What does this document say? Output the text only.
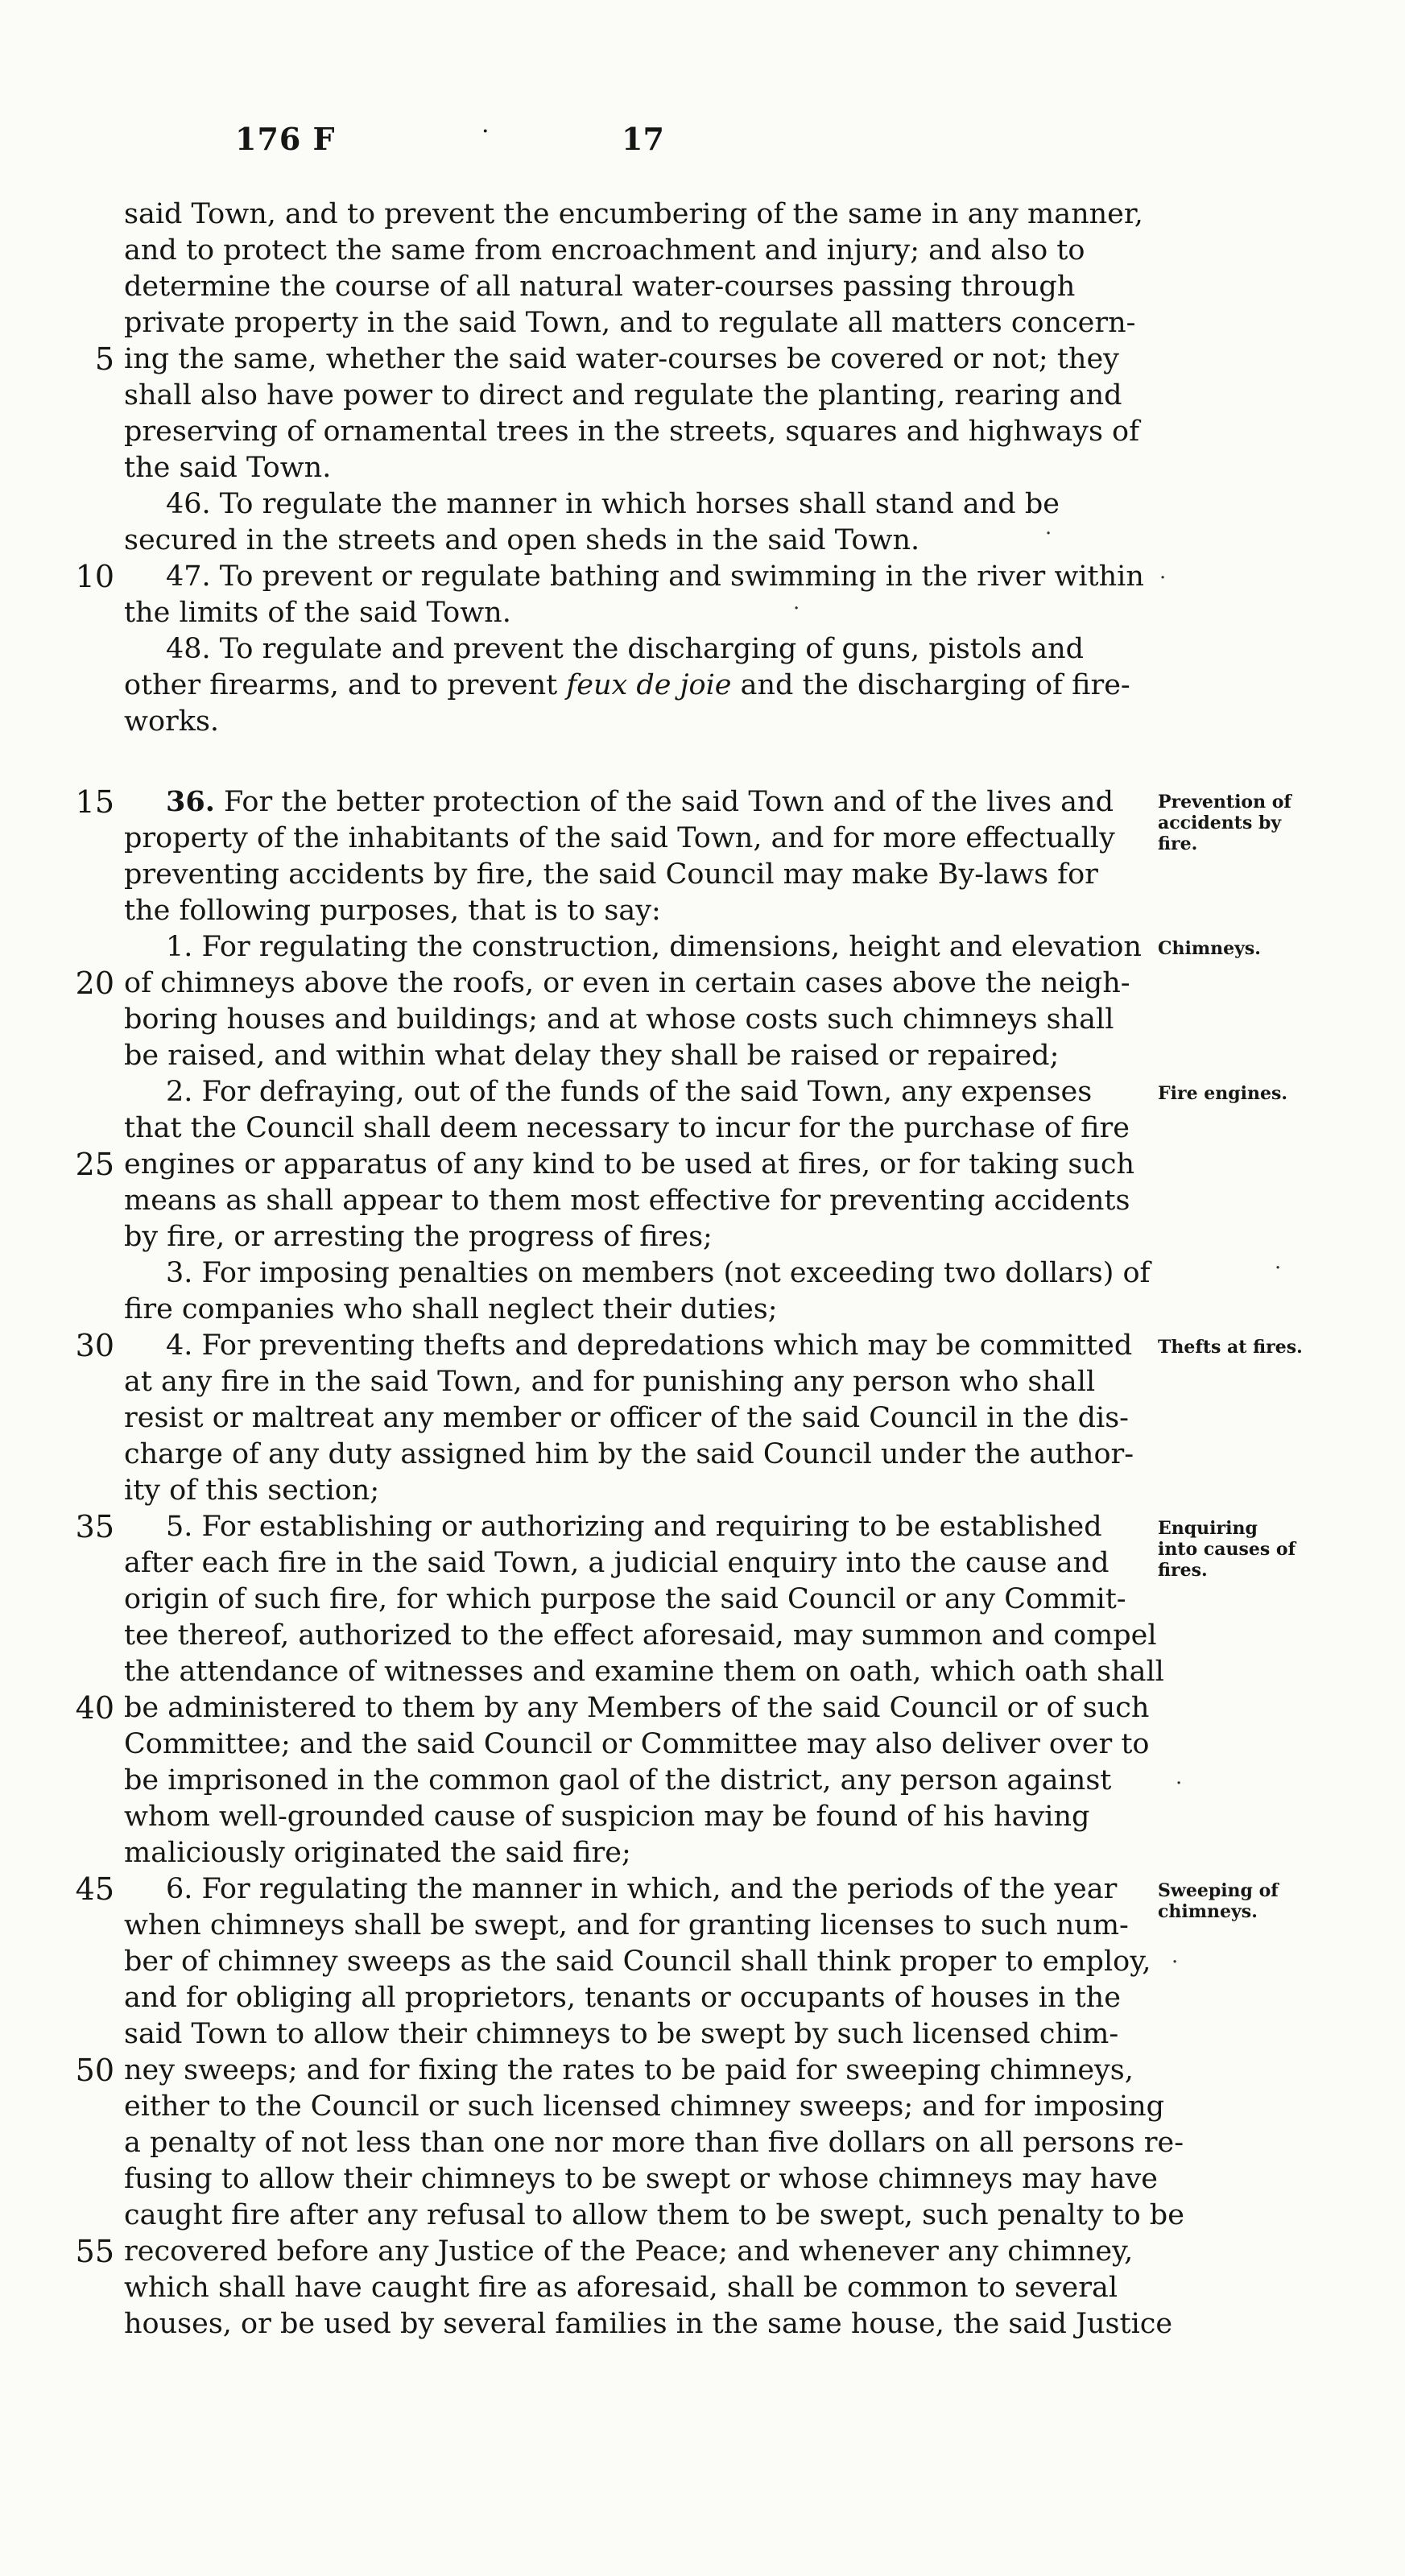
176 F	·	17
said Town, and to prevent the encumbering of the same in any manner,
and to protect the same from encroachment and injury; and also to
determine the course of all natural water-courses passing through
private property in the said Town, and to regulate all matters concern-
5 ing the same, whether the said water-courses be covered or not; they
shall also have power to direct and regulate the planting, rearing and
preserving of ornamental trees in the streets, squares and highways of
the said Town.
46. To regulate the manner in which horses shall stand and be
secured in the streets and open sheds in the said Town.
10 47. To prevent or regulate bathing and swimming in the river within
the limits of the said Town.
48. To regulate and prevent the discharging of guns, pistols and
other firearms, and to prevent feux de joie and the discharging of fire-
works.
15 36. For the better protection of the said Town and of the lives and
property of the inhabitants of the said Town, and for more effectually
preventing accidents by fire, the said Council may make By-laws for
the following purposes, that is to say:
1. For regulating the construction, dimensions, height and elevation
20 of chimneys above the roofs, or even in certain cases above the neigh-
boring houses and buildings; and at whose costs such chimneys shall
be raised, and within what delay they shall be raised or repaired;
2. For defraying, out of the funds of the said Town, any expenses
that the Council shall deem necessary to incur for the purchase of fire
25 engines or apparatus of any kind to be used at fires, or for taking such
means as shall appear to them most effective for preventing accidents
by fire, or arresting the progress of fires;
3. For imposing penalties on members (not exceeding two dollars) of
fire companies who shall neglect their duties;
30 4. For preventing thefts and depredations which may be committed
at any fire in the said Town, and for punishing any person who shall
resist or maltreat any member or officer of the said Council in the dis-
charge of any duty assigned him by the said Council under the author-
ity of this section;
35 5. For establishing or authorizing and requiring to be established
after each fire in the said Town, a judicial enquiry into the cause and
origin of such fire, for which purpose the said Council or any Commit-
tee thereof, authorized to the effect aforesaid, may summon and compel
the attendance of witnesses and examine them on oath, which oath shall
40 be administered to them by any Members of the said Council or of such
Committee; and the said Council or Committee may also deliver over to
be imprisoned in the common gaol of the district, any person against
whom well-grounded cause of suspicion may be found of his having
maliciously originated the said fire;
45 6. For regulating the manner in which, and the periods of the year
when chimneys shall be swept, and for granting licenses to such num-
ber of chimney sweeps as the said Council shall think proper to employ,
and for obliging all proprietors, tenants or occupants of houses in the
said Town to allow their chimneys to be swept by such licensed chim-
50 ney sweeps; and for fixing the rates to be paid for sweeping chimneys,
either to the Council or such licensed chimney sweeps; and for imposing
a penalty of not less than one nor more than five dollars on all persons re-
fusing to allow their chimneys to be swept or whose chimneys may have
caught fire after any refusal to allow them to be swept, such penalty to be
55 recovered before any Justice of the Peace; and whenever any chimney,
which shall have caught fire as aforesaid, shall be common to several
houses, or be used by several families in the same house, the said Justice
Prevention of
accidents by
fire.
Chimneys.
Fire engines.
Thefts at fires.
Enquiring
into causes of
fires.
Sweeping of
chimneys.
·
·
·
·
·
·
